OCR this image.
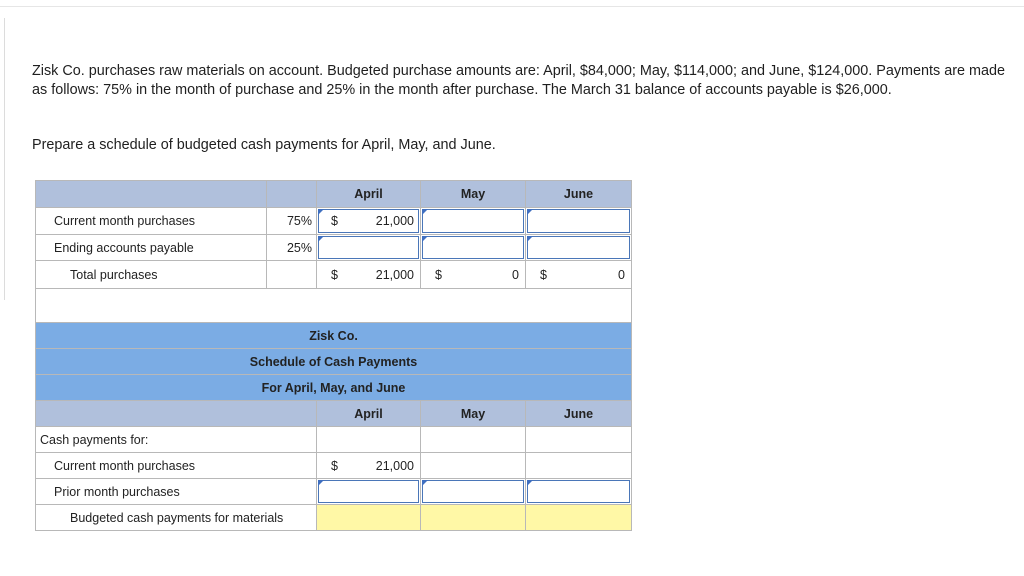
Zisk Co. purchases raw materials on account. Budgeted purchase amounts are: April, $84,000; May, $114,000; and June, $124,000. Payments are made as follows: 75% in the month of purchase and 25% in the month after purchase. The March 31 balance of accounts payable is $26,000.

Prepare a schedule of budgeted cash payments for April, May, and June.

		April	May	June
Current month purchases	75%	$ 21,000		

Ending accounts payable	25%	

Total purchases		$ 21,000	$ 0	$ 0

Zisk Co.			
Schedule of Cash Payments			
For April, May, and June			
	April	May	June
Cash payments for:			
Current month purchases	$ 21,000		

Prior month purchases	

Budgeted cash payments for materials			
